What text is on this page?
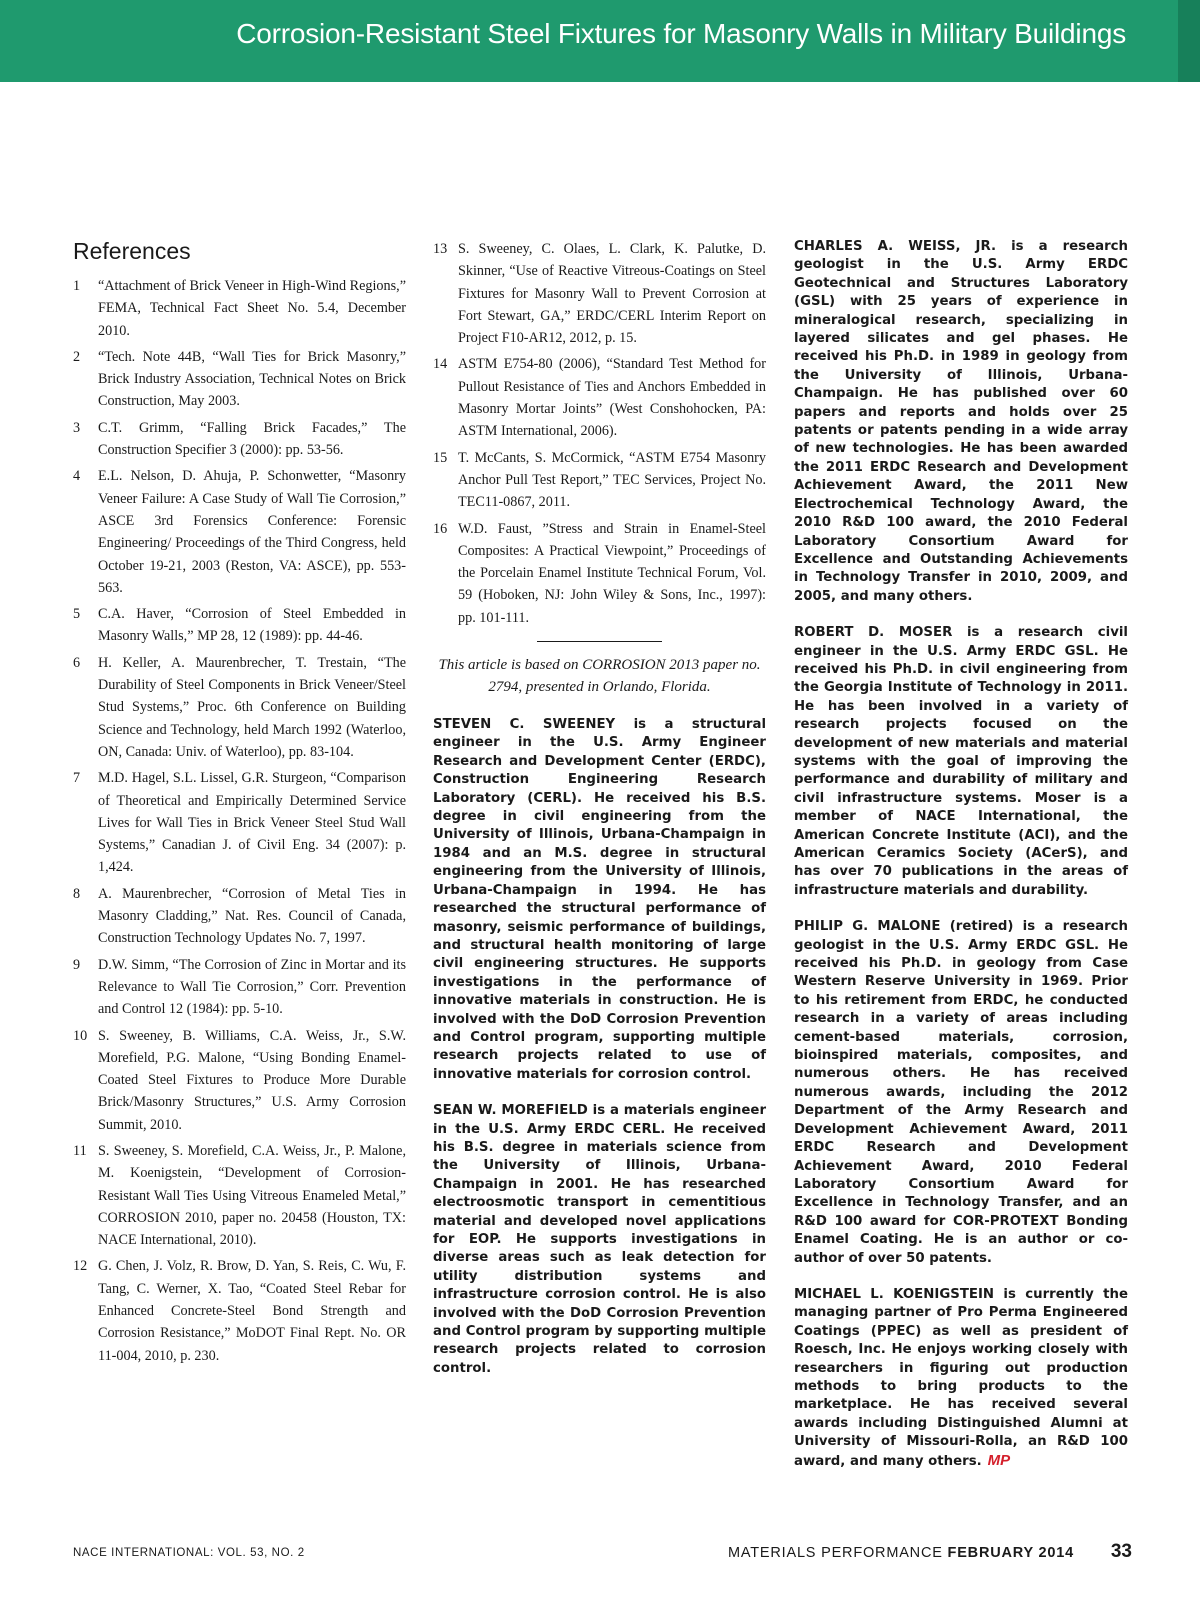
Corrosion-Resistant Steel Fixtures for Masonry Walls in Military Buildings
References
1	“Attachment of Brick Veneer in High-Wind Regions,” FEMA, Technical Fact Sheet No. 5.4, December 2010.
2	“Tech. Note 44B, “Wall Ties for Brick Masonry,” Brick Industry Association, Technical Notes on Brick Construction, May 2003.
3	C.T. Grimm, “Falling Brick Facades,” The Construction Specifier 3 (2000): pp. 53-56.
4	E.L. Nelson, D. Ahuja, P. Schonwetter, “Masonry Veneer Failure: A Case Study of Wall Tie Corrosion,” ASCE 3rd Forensics Conference: Forensic Engineering/ Proceedings of the Third Congress, held October 19-21, 2003 (Reston, VA: ASCE), pp. 553-563.
5	C.A. Haver, “Corrosion of Steel Embedded in Masonry Walls,” MP 28, 12 (1989): pp. 44-46.
6	H. Keller, A. Maurenbrecher, T. Trestain, “The Durability of Steel Components in Brick Veneer/Steel Stud Systems,” Proc. 6th Conference on Building Science and Technology, held March 1992 (Waterloo, ON, Canada: Univ. of Waterloo), pp. 83-104.
7	M.D. Hagel, S.L. Lissel, G.R. Sturgeon, “Comparison of Theoretical and Empirically Determined Service Lives for Wall Ties in Brick Veneer Steel Stud Wall Systems,” Canadian J. of Civil Eng. 34 (2007): p. 1,424.
8	A. Maurenbrecher, “Corrosion of Metal Ties in Masonry Cladding,” Nat. Res. Council of Canada, Construction Technology Updates No. 7, 1997.
9	D.W. Simm, “The Corrosion of Zinc in Mortar and its Relevance to Wall Tie Corrosion,” Corr. Prevention and Control 12 (1984): pp. 5-10.
10 S. Sweeney, B. Williams, C.A. Weiss, Jr., S.W. Morefield, P.G. Malone, “Using Bonding Enamel-Coated Steel Fixtures to Produce More Durable Brick/Masonry Structures,” U.S. Army Corrosion Summit, 2010.
11 S. Sweeney, S. Morefield, C.A. Weiss, Jr., P. Malone, M. Koenigstein, “Development of Corrosion-Resistant Wall Ties Using Vitreous Enameled Metal,” CORROSION 2010, paper no. 20458 (Houston, TX: NACE International, 2010).
12 G. Chen, J. Volz, R. Brow, D. Yan, S. Reis, C. Wu, F. Tang, C. Werner, X. Tao, “Coated Steel Rebar for Enhanced Concrete-Steel Bond Strength and Corrosion Resistance,” MoDOT Final Rept. No. OR 11-004, 2010, p. 230.
13 S. Sweeney, C. Olaes, L. Clark, K. Palutke, D. Skinner, “Use of Reactive Vitreous-Coatings on Steel Fixtures for Masonry Wall to Prevent Corrosion at Fort Stewart, GA,” ERDC/CERL Interim Report on Project F10-AR12, 2012, p. 15.
14 ASTM E754-80 (2006), “Standard Test Method for Pullout Resistance of Ties and Anchors Embedded in Masonry Mortar Joints” (West Conshohocken, PA: ASTM International, 2006).
15 T. McCants, S. McCormick, “ASTM E754 Masonry Anchor Pull Test Report,” TEC Services, Project No. TEC11-0867, 2011.
16 W.D. Faust, ”Stress and Strain in Enamel-Steel Composites: A Practical Viewpoint,” Proceedings of the Porcelain Enamel Institute Technical Forum, Vol. 59 (Hoboken, NJ: John Wiley & Sons, Inc., 1997): pp. 101-111.

This article is based on CORROSION 2013 paper no. 2794, presented in Orlando, Florida.

STEVEN C. SWEENEY is a structural engineer in the U.S. Army Engineer Research and Development Center (ERDC), Construction Engineering Research Laboratory (CERL). He received his B.S. degree in civil engineering from the University of Illinois, Urbana-Champaign in 1984 and an M.S. degree in structural engineering from the University of Illinois, Urbana-Champaign in 1994. He has researched the structural performance of masonry, seismic performance of buildings, and structural health monitoring of large civil engineering structures. He supports investigations in the performance of innovative materials in construction. He is involved with the DoD Corrosion Prevention and Control program, supporting multiple research projects related to use of innovative materials for corrosion control.

SEAN W. MOREFIELD is a materials engineer in the U.S. Army ERDC CERL. He received his B.S. degree in materials science from the University of Illinois, Urbana-Champaign in 2001. He has researched electroosmotic transport in cementitious material and developed novel applications for EOP. He supports investigations in diverse areas such as leak detection for utility distribution systems and infrastructure corrosion control. He is also involved with the DoD Corrosion Prevention and Control program by supporting multiple research projects related to corrosion control.

CHARLES A. WEISS, JR. is a research geologist in the U.S. Army ERDC Geotechnical and Structures Laboratory (GSL) with 25 years of experience in mineralogical research, specializing in layered silicates and gel phases. He received his Ph.D. in 1989 in geology from the University of Illinois, Urbana-Champaign. He has published over 60 papers and reports and holds over 25 patents or patents pending in a wide array of new technologies. He has been awarded the 2011 ERDC Research and Development Achievement Award, the 2011 New Electrochemical Technology Award, the 2010 R&D 100 award, the 2010 Federal Laboratory Consortium Award for Excellence and Outstanding Achievements in Technology Transfer in 2010, 2009, and 2005, and many others.

ROBERT D. MOSER is a research civil engineer in the U.S. Army ERDC GSL. He received his Ph.D. in civil engineering from the Georgia Institute of Technology in 2011. He has been involved in a variety of research projects focused on the development of new materials and material systems with the goal of improving the performance and durability of military and civil infrastructure systems. Moser is a member of NACE International, the American Concrete Institute (ACI), and the American Ceramics Society (ACerS), and has over 70 publications in the areas of infrastructure materials and durability.

PHILIP G. MALONE (retired) is a research geologist in the U.S. Army ERDC GSL. He received his Ph.D. in geology from Case Western Reserve University in 1969. Prior to his retirement from ERDC, he conducted research in a variety of areas including cement-based materials, corrosion, bioinspired materials, composites, and numerous others. He has received numerous awards, including the 2012 Department of the Army Research and Development Achievement Award, 2011 ERDC Research and Development Achievement Award, 2010 Federal Laboratory Consortium Award for Excellence in Technology Transfer, and an R&D 100 award for COR-PROTEXT Bonding Enamel Coating. He is an author or co-author of over 50 patents.

MICHAEL L. KOENIGSTEIN is currently the managing partner of Pro Perma Engineered Coatings (PPEC) as well as president of Roesch, Inc. He enjoys working closely with researchers in figuring out production methods to bring products to the marketplace. He has received several awards including Distinguished Alumni at University of Missouri-Rolla, an R&D 100 award, and many others. MP

NACE INTERNATIONAL: VOL. 53, NO. 2	MATERIALS PERFORMANCE FEBRUARY 2014 33
